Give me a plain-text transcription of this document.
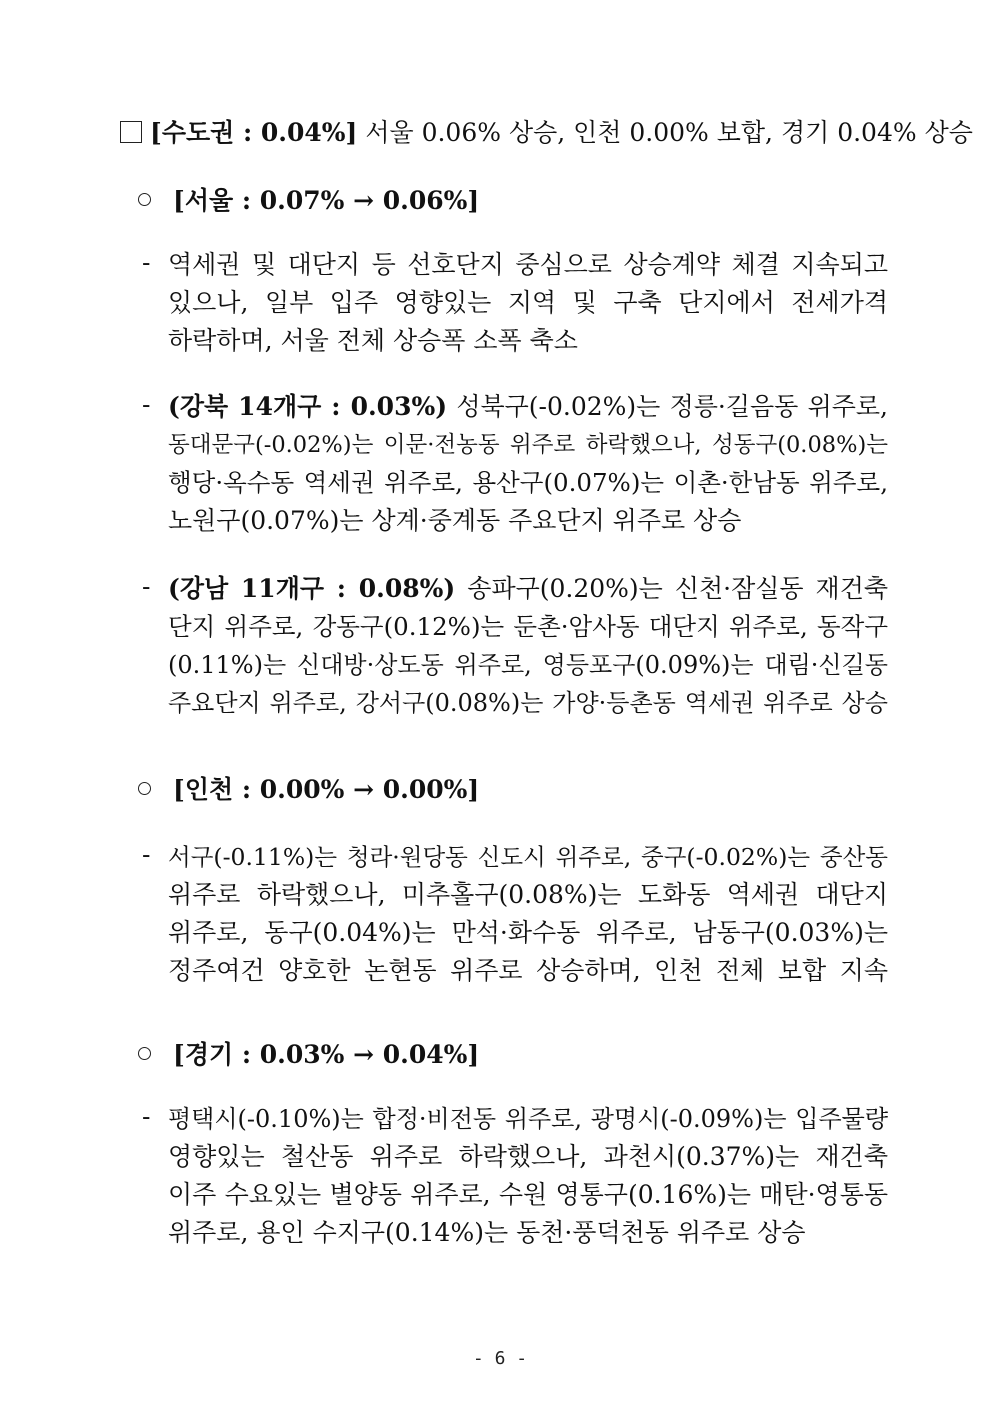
[수도권 : 0.04%] 서울 0.06% 상승, 인천 0.00% 보합, 경기 0.04% 상승
[서울 : 0.07% → 0.06%]
- 역세권 및 대단지 등 선호단지 중심으로 상승계약 체결 지속되고
있으나, 일부 입주 영향있는 지역 및 구축 단지에서 전세가격
하락하며, 서울 전체 상승폭 소폭 축소
- (강북 14개구 : 0.03%) 성북구(-0.02%)는 정릉·길음동 위주로,
동대문구(-0.02%)는 이문·전농동 위주로 하락했으나, 성동구(0.08%)는
행당·옥수동 역세권 위주로, 용산구(0.07%)는 이촌·한남동 위주로,
노원구(0.07%)는 상계·중계동 주요단지 위주로 상승
- (강남 11개구 : 0.08%) 송파구(0.20%)는 신천·잠실동 재건축
단지 위주로, 강동구(0.12%)는 둔촌·암사동 대단지 위주로, 동작구
(0.11%)는 신대방·상도동 위주로, 영등포구(0.09%)는 대림·신길동
주요단지 위주로, 강서구(0.08%)는 가양·등촌동 역세권 위주로 상승
[인천 : 0.00% → 0.00%]
- 서구(-0.11%)는 청라·원당동 신도시 위주로, 중구(-0.02%)는 중산동
위주로 하락했으나, 미추홀구(0.08%)는 도화동 역세권 대단지
위주로, 동구(0.04%)는 만석·화수동 위주로, 남동구(0.03%)는
정주여건 양호한 논현동 위주로 상승하며, 인천 전체 보합 지속
[경기 : 0.03% → 0.04%]
- 평택시(-0.10%)는 합정·비전동 위주로, 광명시(-0.09%)는 입주물량
영향있는 철산동 위주로 하락했으나, 과천시(0.37%)는 재건축
이주 수요있는 별양동 위주로, 수원 영통구(0.16%)는 매탄·영통동
위주로, 용인 수지구(0.14%)는 동천·풍덕천동 위주로 상승
- 6 -
